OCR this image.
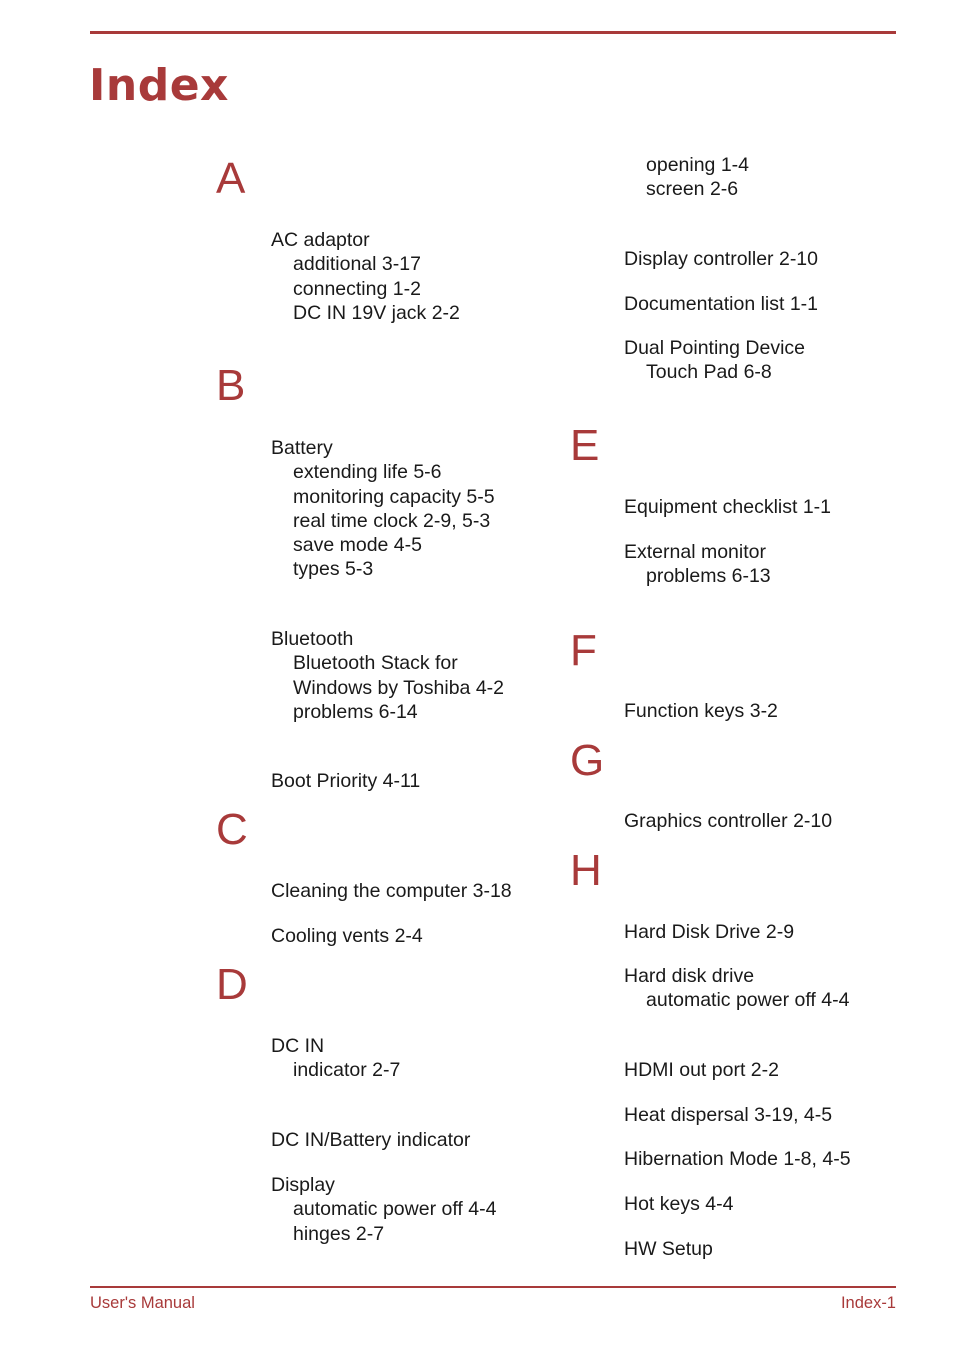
Index
A
AC adaptor
additional 3-17
connecting 1-2
DC IN 19V jack 2-2
B
Battery
extending life 5-6
monitoring capacity 5-5
real time clock 2-9, 5-3
save mode 4-5
types 5-3
Bluetooth
Bluetooth Stack for
Windows by Toshiba 4-2
problems 6-14
Boot Priority 4-11
C
Cleaning the computer 3-18
Cooling vents 2-4
D
DC IN
indicator 2-7
DC IN/Battery indicator
Display
automatic power off 4-4
hinges 2-7
opening 1-4
screen 2-6
Display controller 2-10
Documentation list 1-1
Dual Pointing Device
Touch Pad 6-8
E
Equipment checklist 1-1
External monitor
problems 6-13
F
Function keys 3-2
G
Graphics controller 2-10
H
Hard Disk Drive 2-9
Hard disk drive
automatic power off 4-4
HDMI out port 2-2
Heat dispersal 3-19, 4-5
Hibernation Mode 1-8, 4-5
Hot keys 4-4
HW Setup
User's Manual	Index-1
